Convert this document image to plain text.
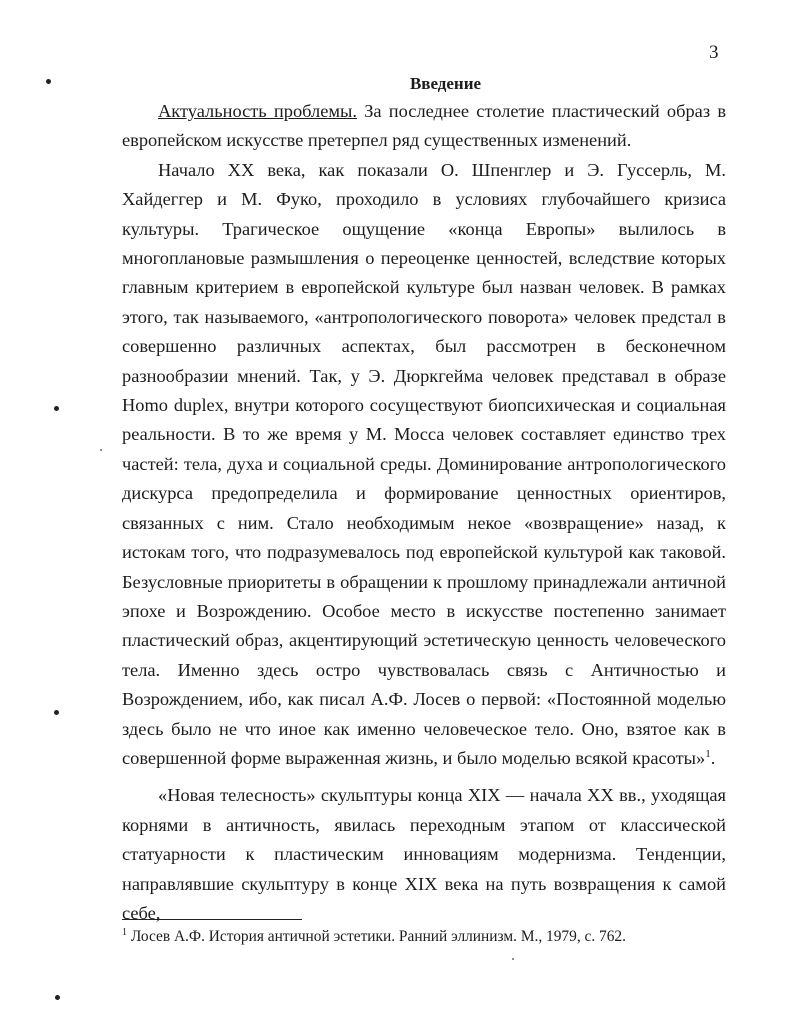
3
Введение

Актуальность проблемы. За последнее столетие пластический образ в европейском искусстве претерпел ряд существенных изменений.

Начало XX века, как показали О. Шпенглер и Э. Гуссерль, М. Хайдеггер и М. Фуко, проходило в условиях глубочайшего кризиса культуры. Трагическое ощущение «конца Европы» вылилось в многоплановые размышления о переоценке ценностей, вследствие которых главным критерием в европейской культуре был назван человек. В рамках этого, так называемого, «антропологического поворота» человек предстал в совершенно различных аспектах, был рассмотрен в бесконечном разнообразии мнений. Так, у Э. Дюркгейма человек представал в образе Homo duplex, внутри которого сосуществуют биопсихическая и социальная реальности. В то же время у М. Мосса человек составляет единство трех частей: тела, духа и социальной среды. Доминирование антропологического дискурса предопределила и формирование ценностных ориентиров, связанных с ним. Стало необходимым некое «возвращение» назад, к истокам того, что подразумевалось под европейской культурой как таковой. Безусловные приоритеты в обращении к прошлому принадлежали античной эпохе и Возрождению. Особое место в искусстве постепенно занимает пластический образ, акцентирующий эстетическую ценность человеческого тела. Именно здесь остро чувствовалась связь с Античностью и Возрождением, ибо, как писал А.Ф. Лосев о первой: «Постоянной моделью здесь было не что иное как именно человеческое тело. Оно, взятое как в совершенной форме выраженная жизнь, и было моделью всякой красоты»$^1$.

«Новая телесность» скульптуры конца XIX — начала XX вв., уходящая корнями в античность, явилась переходным этапом от классической статуарности к пластическим инновациям модернизма. Тенденции, направлявшие скульптуру в конце XIX века на путь возвращения к самой себе,

$^1$ Лосев А.Ф. История античной эстетики. Ранний эллинизм. М., 1979, с. 762.
